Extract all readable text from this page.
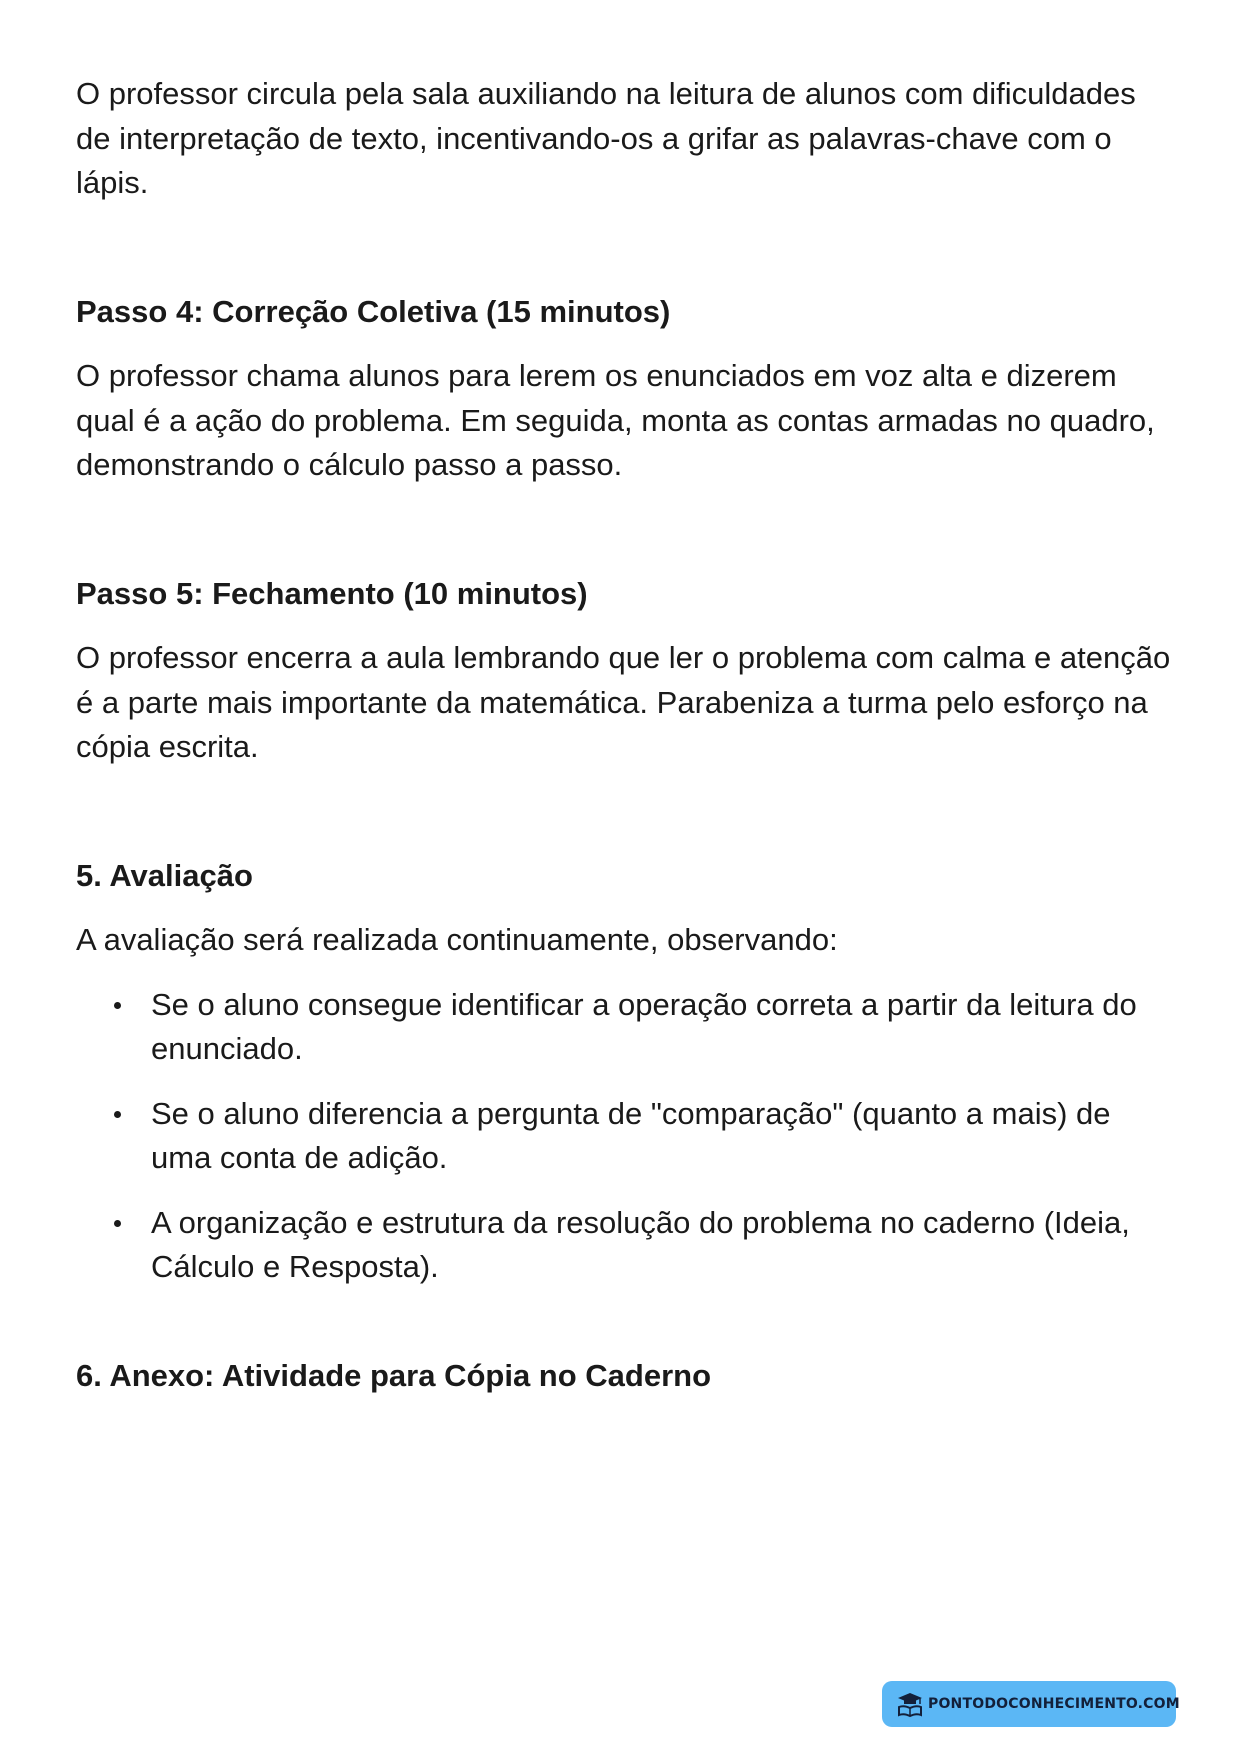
O professor circula pela sala auxiliando na leitura de alunos com dificuldades de interpretação de texto, incentivando-os a grifar as palavras-chave com o lápis.

Passo 4: Correção Coletiva (15 minutos)

O professor chama alunos para lerem os enunciados em voz alta e dizerem qual é a ação do problema. Em seguida, monta as contas armadas no quadro, demonstrando o cálculo passo a passo.

Passo 5: Fechamento (10 minutos)

O professor encerra a aula lembrando que ler o problema com calma e atenção é a parte mais importante da matemática. Parabeniza a turma pelo esforço na cópia escrita.

5. Avaliação

A avaliação será realizada continuamente, observando:

Se o aluno consegue identificar a operação correta a partir da leitura do enunciado.
Se o aluno diferencia a pergunta de "comparação" (quanto a mais) de uma conta de adição.
A organização e estrutura da resolução do problema no caderno (Ideia, Cálculo e Resposta).
6. Anexo: Atividade para Cópia no Caderno
PONTODOCONHECIMENTO.COM
